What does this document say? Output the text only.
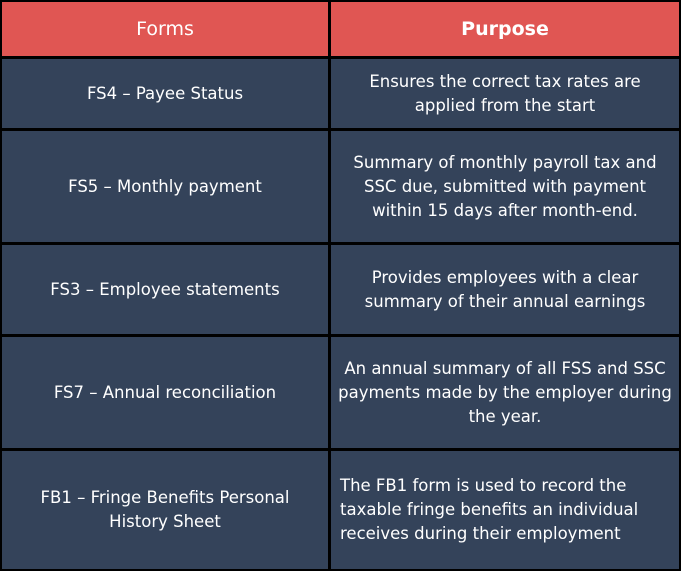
Forms	Purpose
FS4 – Payee Status
Ensures the correct tax rates are applied from the start
FS5 – Monthly payment
Summary of monthly payroll tax and SSC due, submitted with payment within 15 days after month-end.
FS3 – Employee statements
Provides employees with a clear summary of their annual earnings
FS7 – Annual reconciliation
An annual summary of all FSS and SSC payments made by the employer during the year.
FB1 – Fringe Benefits Personal History Sheet
The FB1 form is used to record the taxable fringe benefits an individual receives during their employment
